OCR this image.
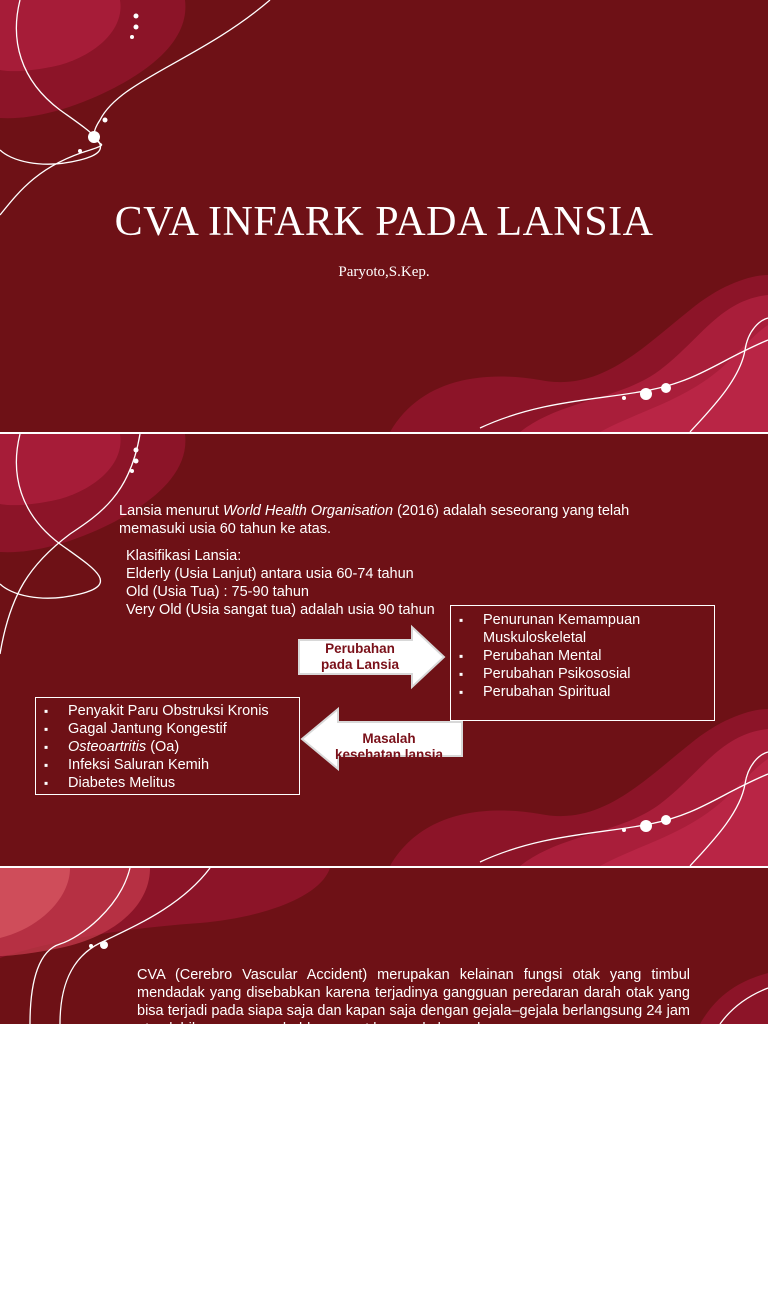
CVA INFARK PADA LANSIA
Paryoto,S.Kep.
Lansia menurut World Health Organisation (2016) adalah seseorang yang telah memasuki usia 60 tahun ke atas.
Klasifikasi Lansia:
Elderly (Usia Lanjut) antara usia 60-74 tahun
Old (Usia Tua) : 75-90 tahun
Very Old (Usia sangat tua) adalah usia 90 tahun
Perubahan
pada Lansia
▪ Penurunan Kemampuan Muskuloskeletal
▪ Perubahan Mental
▪ Perubahan Psikososial
▪ Perubahan Spiritual
Masalah
kesehatan lansia
▪ Penyakit Paru Obstruksi Kronis
▪ Gagal Jantung Kongestif
▪ Osteoartritis (Oa)
▪ Infeksi Saluran Kemih
▪ Diabetes Melitus
CVA (Cerebro Vascular Accident) merupakan kelainan fungsi otak yang timbul mendadak yang disebabkan karena terjadinya gangguan peredaran darah otak yang bisa terjadi pada siapa saja dan kapan saja dengan gejala–gejala berlangsung 24 jam atau lebih yang menyebabkan cacat berupa kelumpuhan
